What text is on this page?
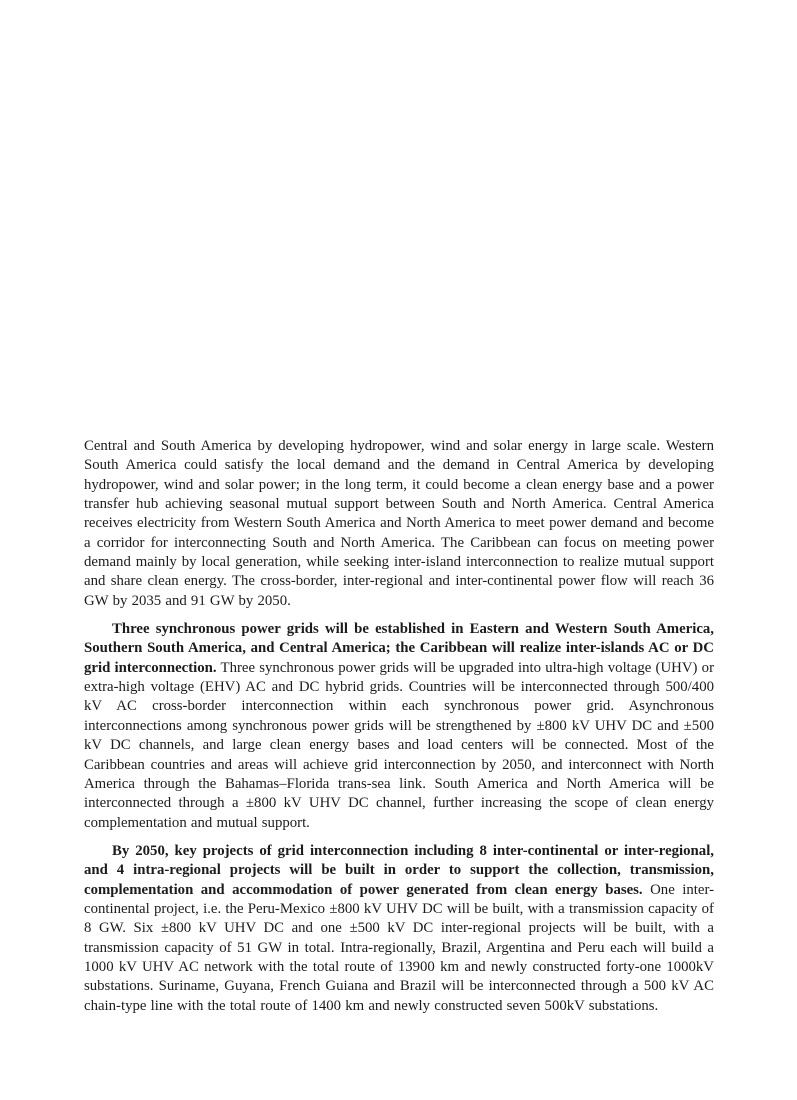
Central and South America by developing hydropower, wind and solar energy in large scale. Western South America could satisfy the local demand and the demand in Central America by developing hydropower, wind and solar power; in the long term, it could become a clean energy base and a power transfer hub achieving seasonal mutual support between South and North America. Central America receives electricity from Western South America and North America to meet power demand and become a corridor for interconnecting South and North America. The Caribbean can focus on meeting power demand mainly by local generation, while seeking inter-island interconnection to realize mutual support and share clean energy. The cross-border, inter-regional and inter-continental power flow will reach 36 GW by 2035 and 91 GW by 2050.

Three synchronous power grids will be established in Eastern and Western South America, Southern South America, and Central America; the Caribbean will realize inter-islands AC or DC grid interconnection. Three synchronous power grids will be upgraded into ultra-high voltage (UHV) or extra-high voltage (EHV) AC and DC hybrid grids. Countries will be interconnected through 500/400 kV AC cross-border interconnection within each synchronous power grid. Asynchronous interconnections among synchronous power grids will be strengthened by ±800 kV UHV DC and ±500 kV DC channels, and large clean energy bases and load centers will be connected. Most of the Caribbean countries and areas will achieve grid interconnection by 2050, and interconnect with North America through the Bahamas–Florida trans-sea link. South America and North America will be interconnected through a ±800 kV UHV DC channel, further increasing the scope of clean energy complementation and mutual support.

By 2050, key projects of grid interconnection including 8 inter-continental or inter-regional, and 4 intra-regional projects will be built in order to support the collection, transmission, complementation and accommodation of power generated from clean energy bases. One inter-continental project, i.e. the Peru-Mexico ±800 kV UHV DC will be built, with a transmission capacity of 8 GW. Six ±800 kV UHV DC and one ±500 kV DC inter-regional projects will be built, with a transmission capacity of 51 GW in total. Intra-regionally, Brazil, Argentina and Peru each will build a 1000 kV UHV AC network with the total route of 13900 km and newly constructed forty-one 1000kV substations. Suriname, Guyana, French Guiana and Brazil will be interconnected through a 500 kV AC chain-type line with the total route of 1400 km and newly constructed seven 500kV substations.
